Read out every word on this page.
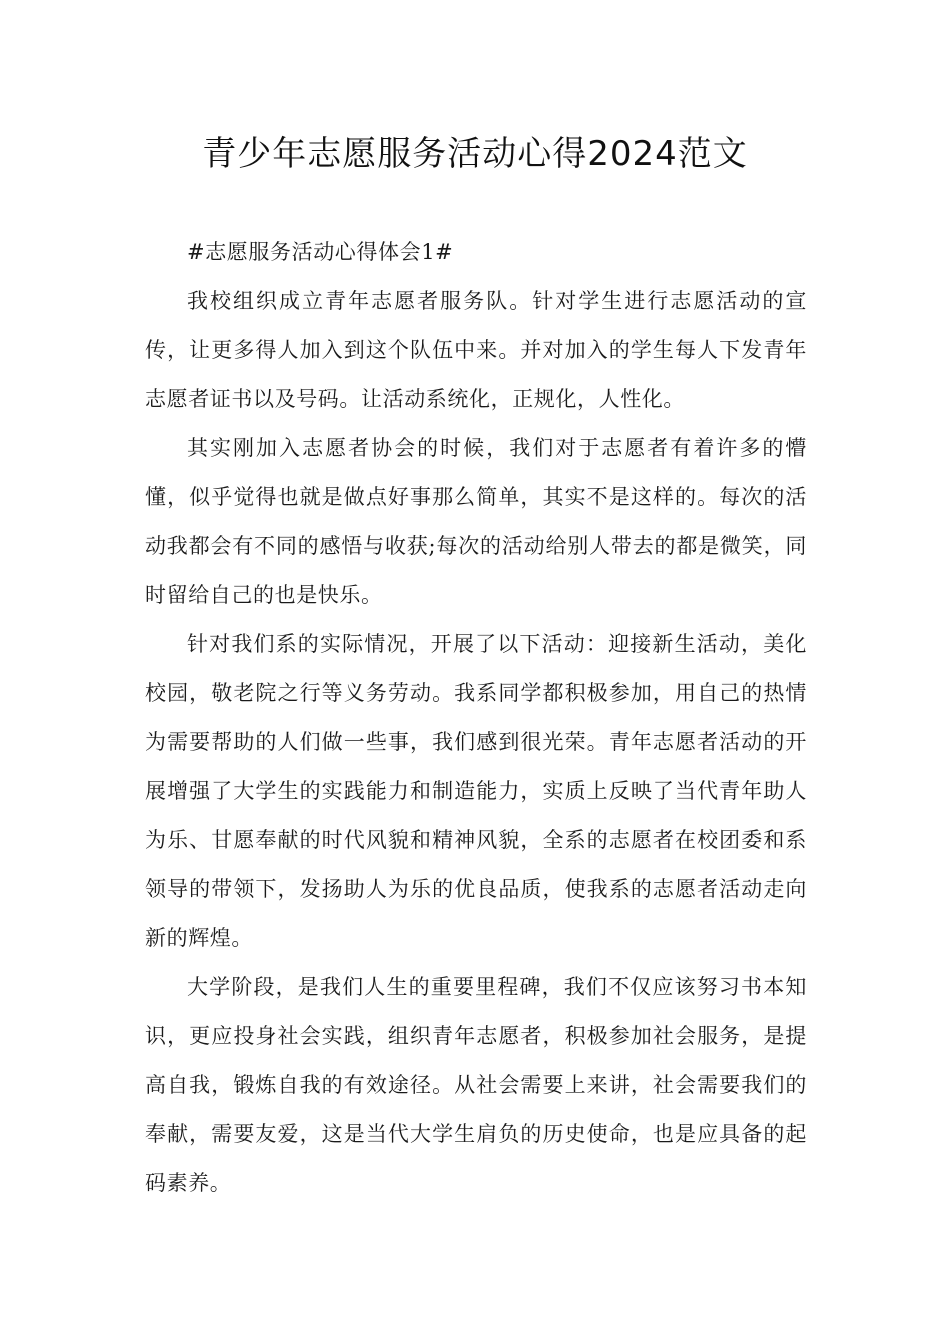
青少年志愿服务活动心得2024范文

#志愿服务活动心得体会1#

我校组织成立青年志愿者服务队。针对学生进行志愿活动的宣传，让更多得人加入到这个队伍中来。并对加入的学生每人下发青年志愿者证书以及号码。让活动系统化，正规化，人性化。

其实刚加入志愿者协会的时候，我们对于志愿者有着许多的懵懂，似乎觉得也就是做点好事那么简单，其实不是这样的。每次的活动我都会有不同的感悟与收获;每次的活动给别人带去的都是微笑，同时留给自己的也是快乐。

针对我们系的实际情况，开展了以下活动：迎接新生活动，美化校园，敬老院之行等义务劳动。我系同学都积极参加，用自己的热情为需要帮助的人们做一些事，我们感到很光荣。青年志愿者活动的开展增强了大学生的实践能力和制造能力，实质上反映了当代青年助人为乐、甘愿奉献的时代风貌和精神风貌，全系的志愿者在校团委和系领导的带领下，发扬助人为乐的优良品质，使我系的志愿者活动走向新的辉煌。

大学阶段，是我们人生的重要里程碑，我们不仅应该努习书本知识，更应投身社会实践，组织青年志愿者，积极参加社会服务，是提高自我，锻炼自我的有效途径。从社会需要上来讲，社会需要我们的奉献，需要友爱，这是当代大学生肩负的历史使命，也是应具备的起码素养。
